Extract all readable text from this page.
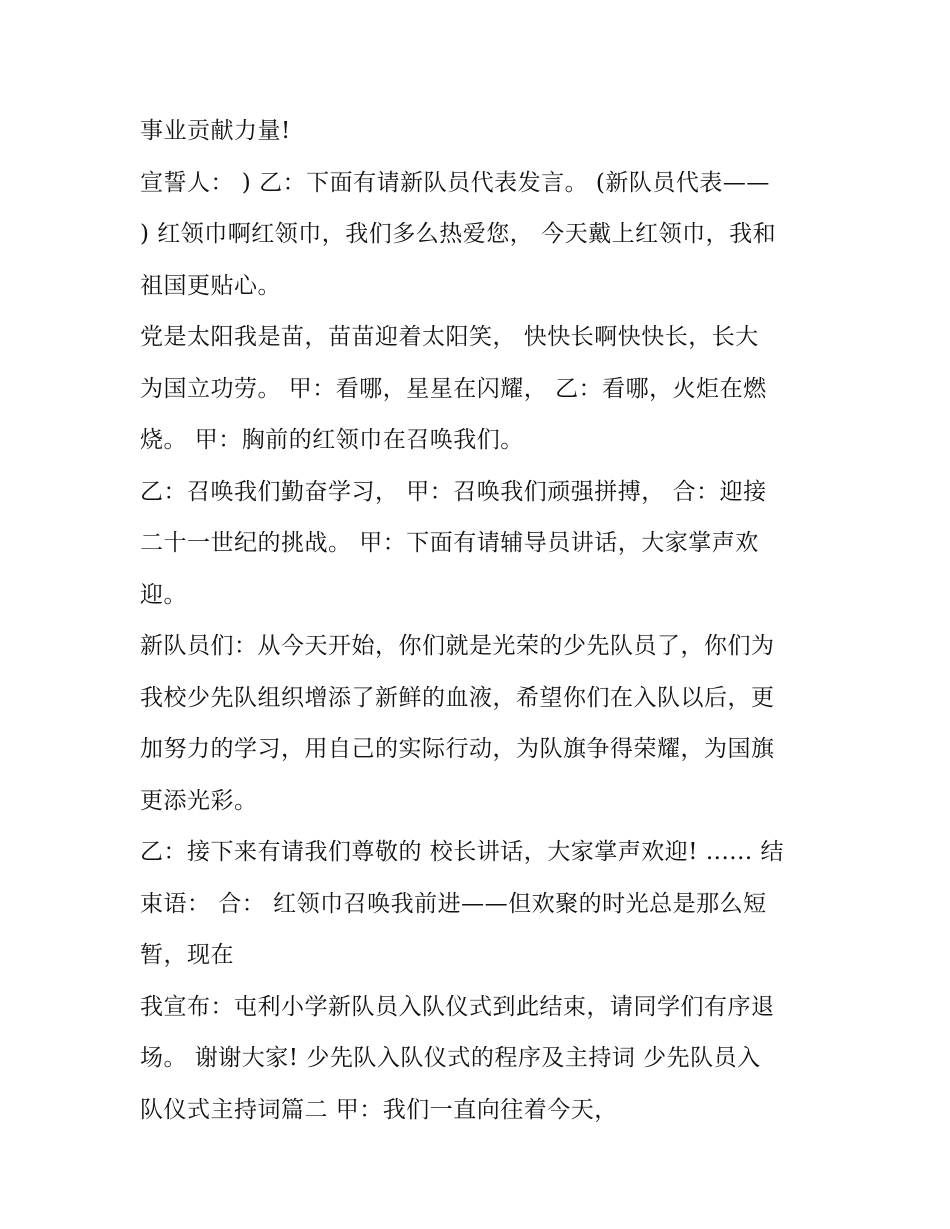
事业贡献力量!
宣誓人： ) 乙：下面有请新队员代表发言。 (新队员代表——
) 红领巾啊红领巾，我们多么热爱您， 今天戴上红领巾，我和
祖国更贴心。
党是太阳我是苗，苗苗迎着太阳笑， 快快长啊快快长，长大
为国立功劳。 甲：看哪，星星在闪耀， 乙：看哪，火炬在燃
烧。 甲：胸前的红领巾在召唤我们。
乙：召唤我们勤奋学习， 甲：召唤我们顽强拼搏， 合：迎接
二十一世纪的挑战。 甲：下面有请辅导员讲话，大家掌声欢
迎。
新队员们：从今天开始，你们就是光荣的少先队员了，你们为
我校少先队组织增添了新鲜的血液，希望你们在入队以后，更
加努力的学习，用自己的实际行动，为队旗争得荣耀，为国旗
更添光彩。
乙：接下来有请我们尊敬的 校长讲话，大家掌声欢迎! ...... 结
束语： 合： 红领巾召唤我前进——但欢聚的时光总是那么短
暂，现在
我宣布：屯利小学新队员入队仪式到此结束，请同学们有序退
场。 谢谢大家! 少先队入队仪式的程序及主持词 少先队员入
队仪式主持词篇二 甲：我们一直向往着今天，
